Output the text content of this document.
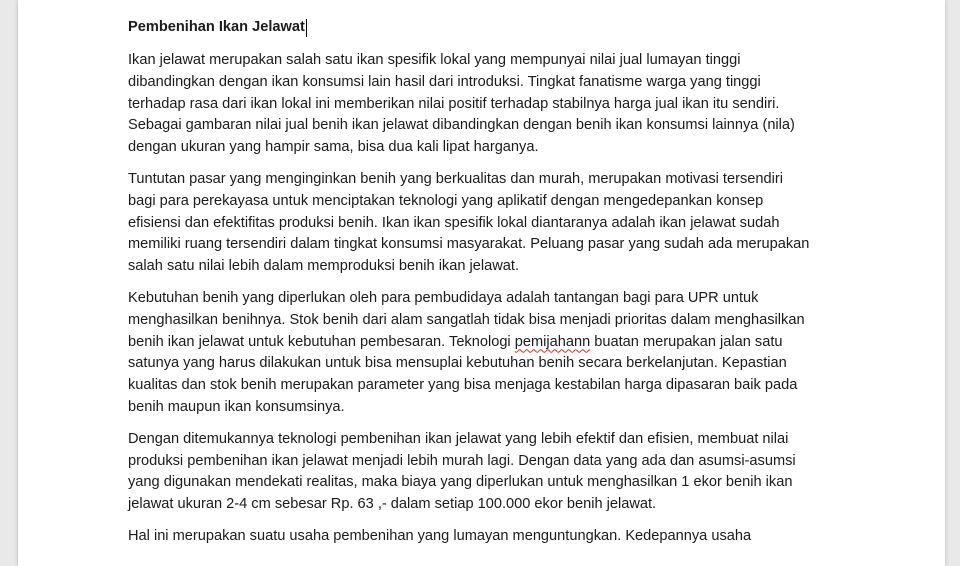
Pembenihan Ikan Jelawat
Ikan jelawat merupakan salah satu ikan spesifik lokal yang mempunyai nilai jual lumayan tinggi
dibandingkan dengan ikan konsumsi lain hasil dari introduksi. Tingkat fanatisme warga yang tinggi
terhadap rasa dari ikan lokal ini memberikan nilai positif terhadap stabilnya harga jual ikan itu sendiri.
Sebagai gambaran nilai jual benih ikan jelawat dibandingkan dengan benih ikan konsumsi lainnya (nila)
dengan ukuran yang hampir sama, bisa dua kali lipat harganya.
Tuntutan pasar yang menginginkan benih yang berkualitas dan murah, merupakan motivasi tersendiri
bagi para perekayasa untuk menciptakan teknologi yang aplikatif dengan mengedepankan konsep
efisiensi dan efektifitas produksi benih. Ikan ikan spesifik lokal diantaranya adalah ikan jelawat sudah
memiliki ruang tersendiri dalam tingkat konsumsi masyarakat. Peluang pasar yang sudah ada merupakan
salah satu nilai lebih dalam memproduksi benih ikan jelawat.
Kebutuhan benih yang diperlukan oleh para pembudidaya adalah tantangan bagi para UPR untuk
menghasilkan benihnya. Stok benih dari alam sangatlah tidak bisa menjadi prioritas dalam menghasilkan
benih ikan jelawat untuk kebutuhan pembesaran. Teknologi pemijahann buatan merupakan jalan satu
satunya yang harus dilakukan untuk bisa mensuplai kebutuhan benih secara berkelanjutan. Kepastian
kualitas dan stok benih merupakan parameter yang bisa menjaga kestabilan harga dipasaran baik pada
benih maupun ikan konsumsinya.
Dengan ditemukannya teknologi pembenihan ikan jelawat yang lebih efektif dan efisien, membuat nilai
produksi pembenihan ikan jelawat menjadi lebih murah lagi. Dengan data yang ada dan asumsi-asumsi
yang digunakan mendekati realitas, maka biaya yang diperlukan untuk menghasilkan 1 ekor benih ikan
jelawat ukuran 2-4 cm sebesar Rp. 63 ,- dalam setiap 100.000 ekor benih jelawat.
Hal ini merupakan suatu usaha pembenihan yang lumayan menguntungkan. Kedepannya usaha
